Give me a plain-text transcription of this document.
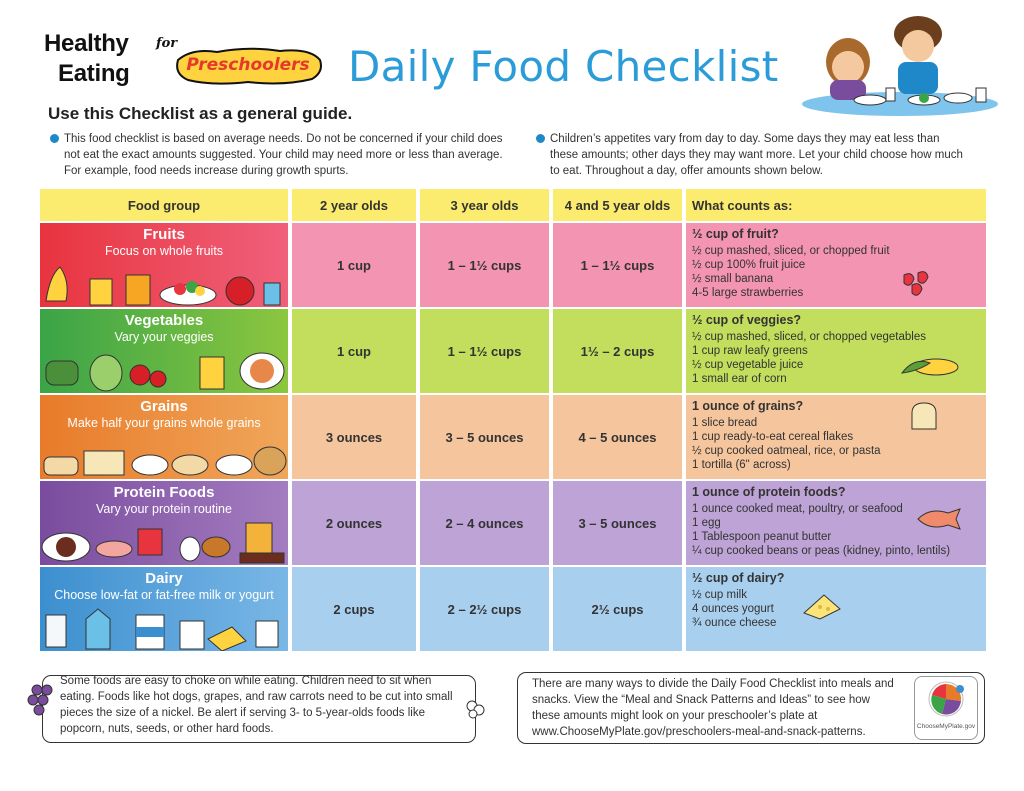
Healthy
Eating
for
Preschoolers Daily Food Checklist
Use this Checklist as a general guide.
This food checklist is based on average needs. Do not be concerned if your child does not eat the exact amounts suggested. Your child may need more or less than average. For example, food needs increase during growth spurts.
Children’s appetites vary from day to day. Some days they may eat less than these amounts; other days they may want more. Let your child choose how much to eat. Throughout a day, offer amounts shown below.
Food group	2 year olds	3 year olds	4 and 5 year olds	What counts as:
Fruits
Focus on whole fruits
1 cup	1 – 1½ cups	1 – 1½ cups
½ cup of fruit?
½ cup mashed, sliced, or chopped fruit
½ cup 100% fruit juice
½ small banana
4-5 large strawberries
Vegetables
Vary your veggies
1 cup	1 – 1½ cups	1½ – 2 cups
½ cup of veggies?
½ cup mashed, sliced, or chopped vegetables
1 cup raw leafy greens
½ cup vegetable juice
1 small ear of corn
Grains
Make half your grains whole grains
3 ounces	3 – 5 ounces	4 – 5 ounces
1 ounce of grains?
1 slice bread
1 cup ready-to-eat cereal flakes
½ cup cooked oatmeal, rice, or pasta
1 tortilla (6" across)
Protein Foods
Vary your protein routine
2 ounces	2 – 4 ounces	3 – 5 ounces
1 ounce of protein foods?
1 ounce cooked meat, poultry, or seafood
1 egg
1 Tablespoon peanut butter
¼ cup cooked beans or peas (kidney, pinto, lentils)
Dairy
Choose low-fat or fat-free milk or yogurt
2 cups	2 – 2½ cups	2½ cups
½ cup of dairy?
½ cup milk
4 ounces yogurt
¾ ounce cheese
Some foods are easy to choke on while eating. Children need to sit when eating. Foods like hot dogs, grapes, and raw carrots need to be cut into small pieces the size of a nickel. Be alert if serving 3- to 5-year-olds foods like popcorn, nuts, seeds, or other hard foods.
There are many ways to divide the Daily Food Checklist into meals and snacks. View the “Meal and Snack Patterns and Ideas” to see how these amounts might look on your preschooler’s plate at www.ChooseMyPlate.gov/preschoolers-meal-and-snack-patterns.	ChooseMyPlate.gov
